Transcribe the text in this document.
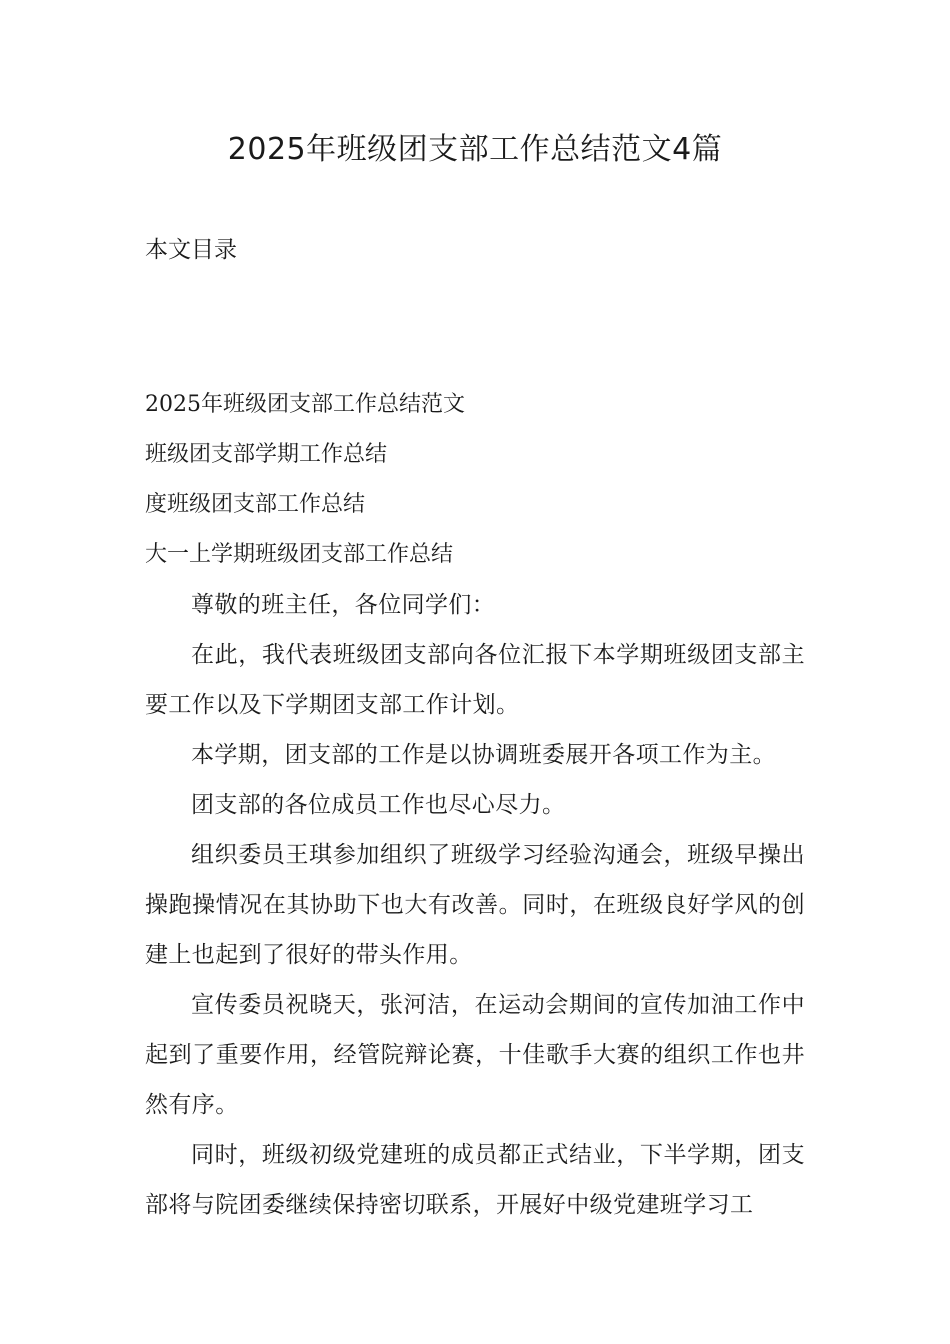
2025年班级团支部工作总结范文4篇
本文目录
2025年班级团支部工作总结范文
班级团支部学期工作总结
度班级团支部工作总结
大一上学期班级团支部工作总结

尊敬的班主任，各位同学们：

在此，我代表班级团支部向各位汇报下本学期班级团支部主要工作以及下学期团支部工作计划。

本学期，团支部的工作是以协调班委展开各项工作为主。

团支部的各位成员工作也尽心尽力。

组织委员王琪参加组织了班级学习经验沟通会，班级早操出操跑操情况在其协助下也大有改善。同时，在班级良好学风的创建上也起到了很好的带头作用。

宣传委员祝晓天，张河洁，在运动会期间的宣传加油工作中起到了重要作用，经管院辩论赛，十佳歌手大赛的组织工作也井然有序。

同时，班级初级党建班的成员都正式结业，下半学期，团支部将与院团委继续保持密切联系，开展好中级党建班学习工
